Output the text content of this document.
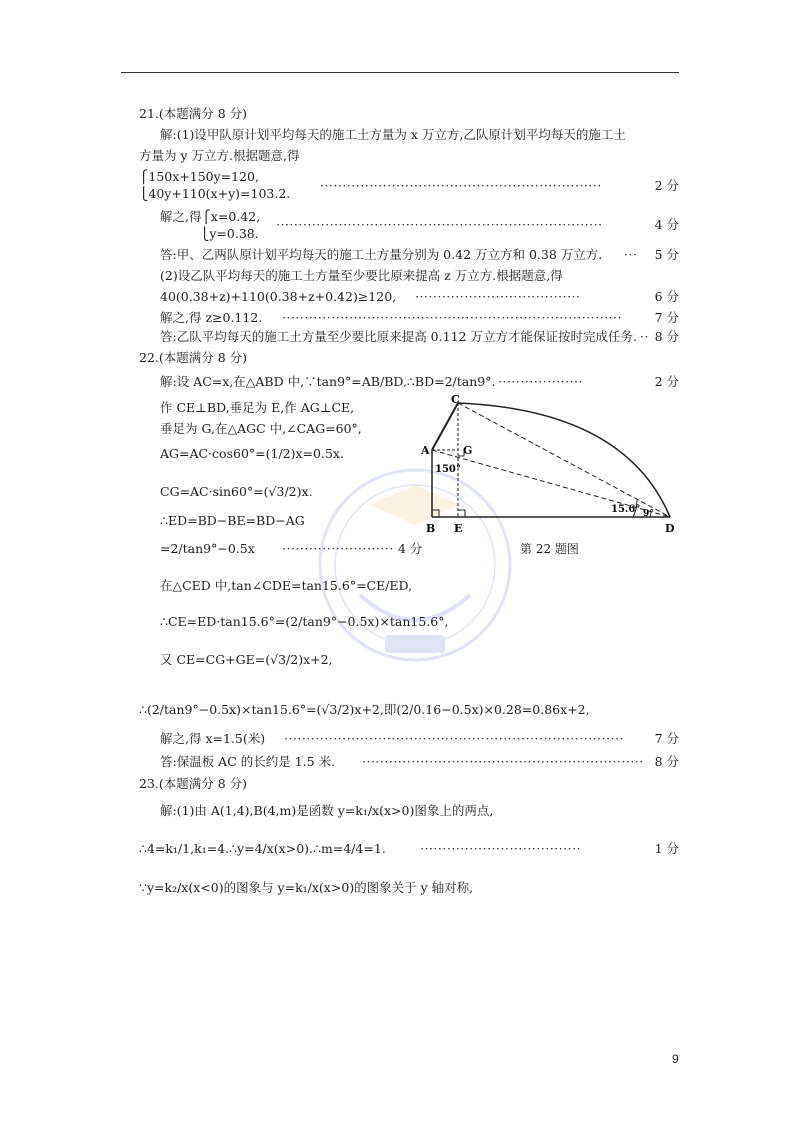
21.(本题满分 8 分)
解:(1)设甲队原计划平均每天的施工土方量为 x 万立方,乙队原计划平均每天的施工土
方量为 y 万立方.根据题意,得
⎧150x+150y=120,
⎩40y+110(x+y)=103.2.
·······························································	2 分
解之,得⎧x=0.42,
⎩y=0.38.
·········································································	4 分
答:甲、乙两队原计划平均每天的施工土方量分别为 0.42 万立方和 0.38 万立方. ··· 5 分
(2)设乙队平均每天的施工土方量至少要比原来提高 z 万立方.根据题意,得
40(0.38+z)+110(0.38+z+0.42)≥120, ·····································	6 分
解之,得 z≥0.112. ············································································	7 分
答:乙队平均每天的施工土方量至少要比原来提高 0.112 万立方才能保证按时完成任务. ·· 8 分
22.(本题满分 8 分)
解:设 AC=x,在△ABD 中,∵tan9°=AB/BD,∴BD=2/tan9°. ···················	2 分
作 CE⊥BD,垂足为 E,作 AG⊥CE,
垂足为 G,在△AGC 中,∠CAG=60°,
AG=AC·cos60°=(1/2)x=0.5x.
CG=AC·sin60°=(√3/2)x.
∴ED=BD−BE=BD−AG
=2/tan9°−0.5x ························· 4 分
在△CED 中,tan∠CDE=tan15.6°=CE/ED,
∴CE=ED·tan15.6°=(2/tan9°−0.5x)×tan15.6°,
又 CE=CG+GE=(√3/2)x+2,
∴(2/tan9°−0.5x)×tan15.6°=(√3/2)x+2,即(2/0.16−0.5x)×0.28=0.86x+2,
解之,得 x=1.5(米) ············································································ 7 分
答:保温板 AC 的长约是 1.5 米. ······························································· 8 分
23.(本题满分 8 分)
解:(1)由 A(1,4),B(4,m)是函数 y=k₁/x(x>0)图象上的两点,
∴4=k₁/1,k₁=4.∴y=4/x(x>0).∴m=4/4=1.	····································	1 分
∵y=k₂/x(x<0)的图象与 y=k₁/x(x>0)的图象关于 y 轴对称,
C
A	G
150°
15.6° 9°
B E	D
第 22 题图
9
